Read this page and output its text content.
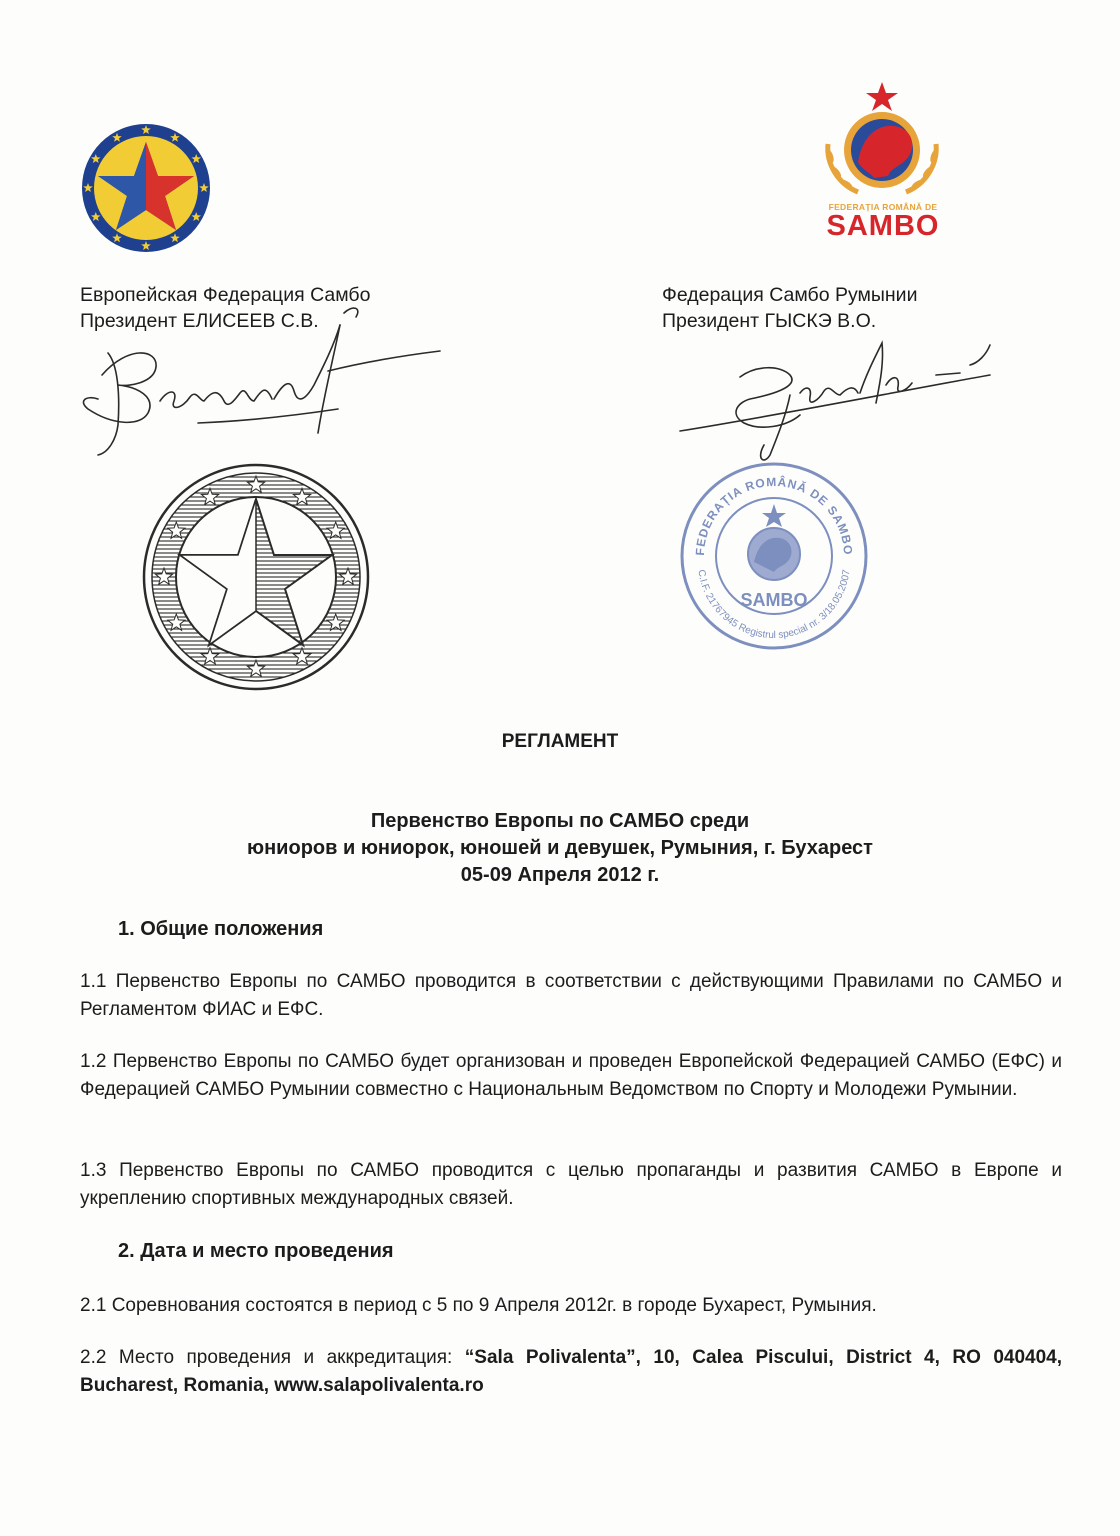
FEDERAȚIA ROMÂNĂ DE
SAMBO
Европейская Федерация Самбо
Президент ЕЛИСЕЕВ С.В.
Федерация Самбо Румынии
Президент ГЫСКЭ В.О.
FEDERAȚIA ROMÂNĂ DE SAMBO
C.I.F. 21767945 Registrul special nr. 3/18.05.2007
SAMBO
РЕГЛАМЕНТ
Первенство Европы по САМБО среди
юниоров и юниорок, юношей и девушек, Румыния, г. Бухарест
05-09 Апреля 2012 г.
1. Общие положения
1.1 Первенство Европы по САМБО проводится в соответствии с действующими Правилами по САМБО и Регламентом ФИАС и ЕФС.
1.2 Первенство Европы по САМБО будет организован и проведен Европейской Федерацией САМБО (ЕФС) и Федерацией САМБО Румынии совместно с Национальным Ведомством по Спорту и Молодежи Румынии.
1.3 Первенство Европы по САМБО проводится с целью пропаганды и развития САМБО в Европе и укреплению спортивных международных связей.
2. Дата и место проведения
2.1 Соревнования состоятся в период с 5 по 9 Апреля 2012г. в городе Бухарест, Румыния.
2.2 Место проведения и аккредитация: “Sala Polivalenta”, 10, Calea Piscului, District 4, RO 040404, Bucharest, Romania, www.salapolivalenta.ro
